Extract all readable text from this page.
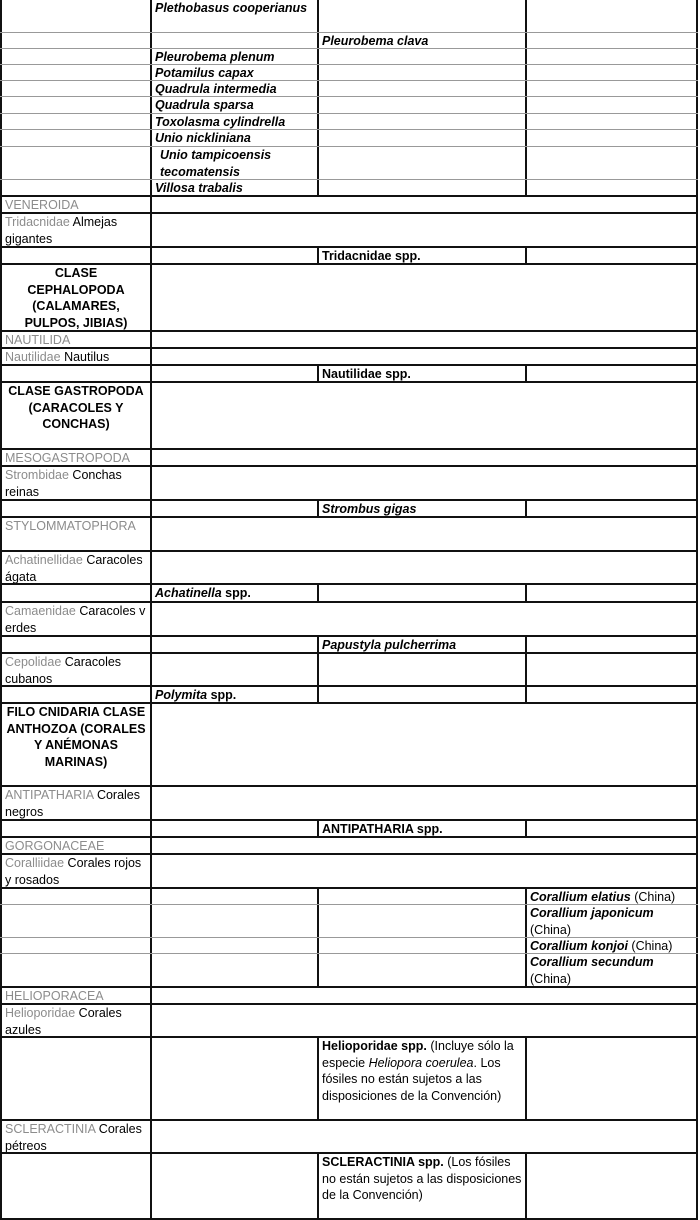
Plethobasus cooperianus
Pleurobema clava
Pleurobema plenum
Potamilus capax
Quadrula intermedia
Quadrula sparsa
Toxolasma cylindrella
Unio nickliniana
Unio tampicoensis tecomatensis
Villosa trabalis
VENEROIDA
Tridacnidae Almejas gigantes
Tridacnidae spp.
CLASE CEPHALOPODA (CALAMARES, PULPOS, JIBIAS)
NAUTILIDA
Nautilidae Nautilus
Nautilidae spp.
CLASE GASTROPODA (CARACOLES Y CONCHAS)
MESOGASTROPODA
Strombidae Conchas reinas
Strombus gigas
STYLOMMATOPHORA
Achatinellidae Caracoles ágata
Achatinella spp.
Camaenidae Caracoles verdes
Papustyla pulcherrima
Cepolidae Caracoles cubanos
Polymita spp.
FILO CNIDARIA CLASE ANTHOZOA (CORALES Y ANÉMONAS MARINAS)
ANTIPATHARIA Corales negros
ANTIPATHARIA spp.
GORGONACEAE
Coralliidae Corales rojos y rosados
Corallium elatius (China)
Corallium japonicum (China)
Corallium konjoi (China)
Corallium secundum (China)
HELIOPORACEA
Helioporidae Corales azules
Helioporidae spp. (Incluye sólo la especie Heliopora coerulea. Los fósiles no están sujetos a las disposiciones de la Convención)
SCLERACTINIA Corales pétreos
SCLERACTINIA spp. (Los fósiles no están sujetos a las disposiciones de la Convención)
